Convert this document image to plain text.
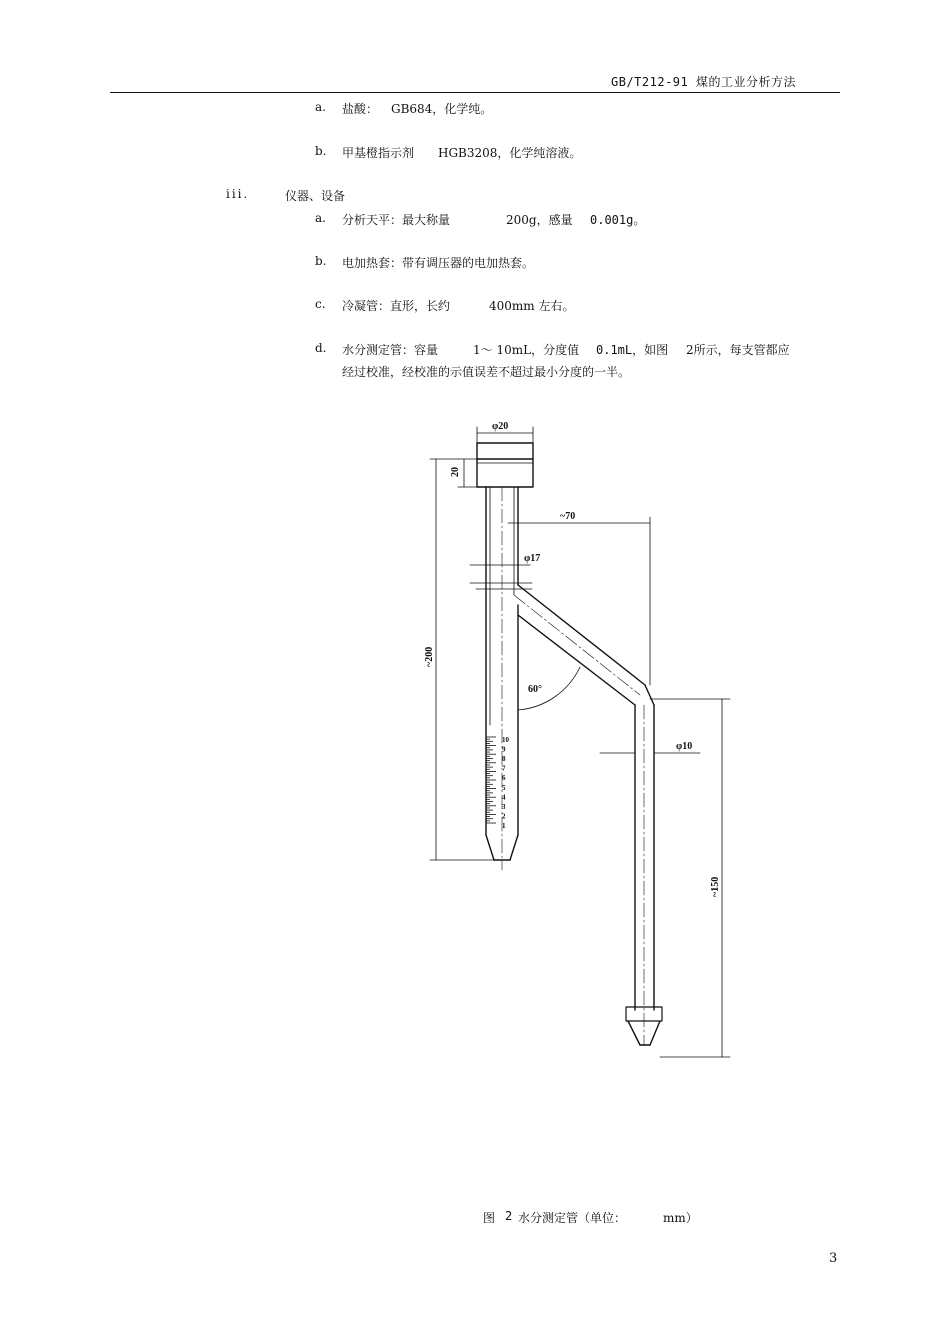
GB/T212-91 煤的工业分析方法
a. 盐酸： GB684，化学纯。
b. 甲基橙指示剂 HGB3208，化学纯溶液。
iii.	仪器、设备
a. 分析天平：最大称量	200g，感量 0.001g。
b. 电加热套：带有调压器的电加热套。
c. 冷凝管：直形，长约	400mm 左右。
d. 水分测定管：容量	1～ 10mL，分度值 0.1mL，如图 2所示，每支管都应
经过校准，经校准的示值误差不超过最小分度的一半。
10
9
8
7
6
5
4
3
2
1
φ20
20
~70
φ17
~200
60°
φ10
~150
图 2 水分测定管（单位：	mm）
3
